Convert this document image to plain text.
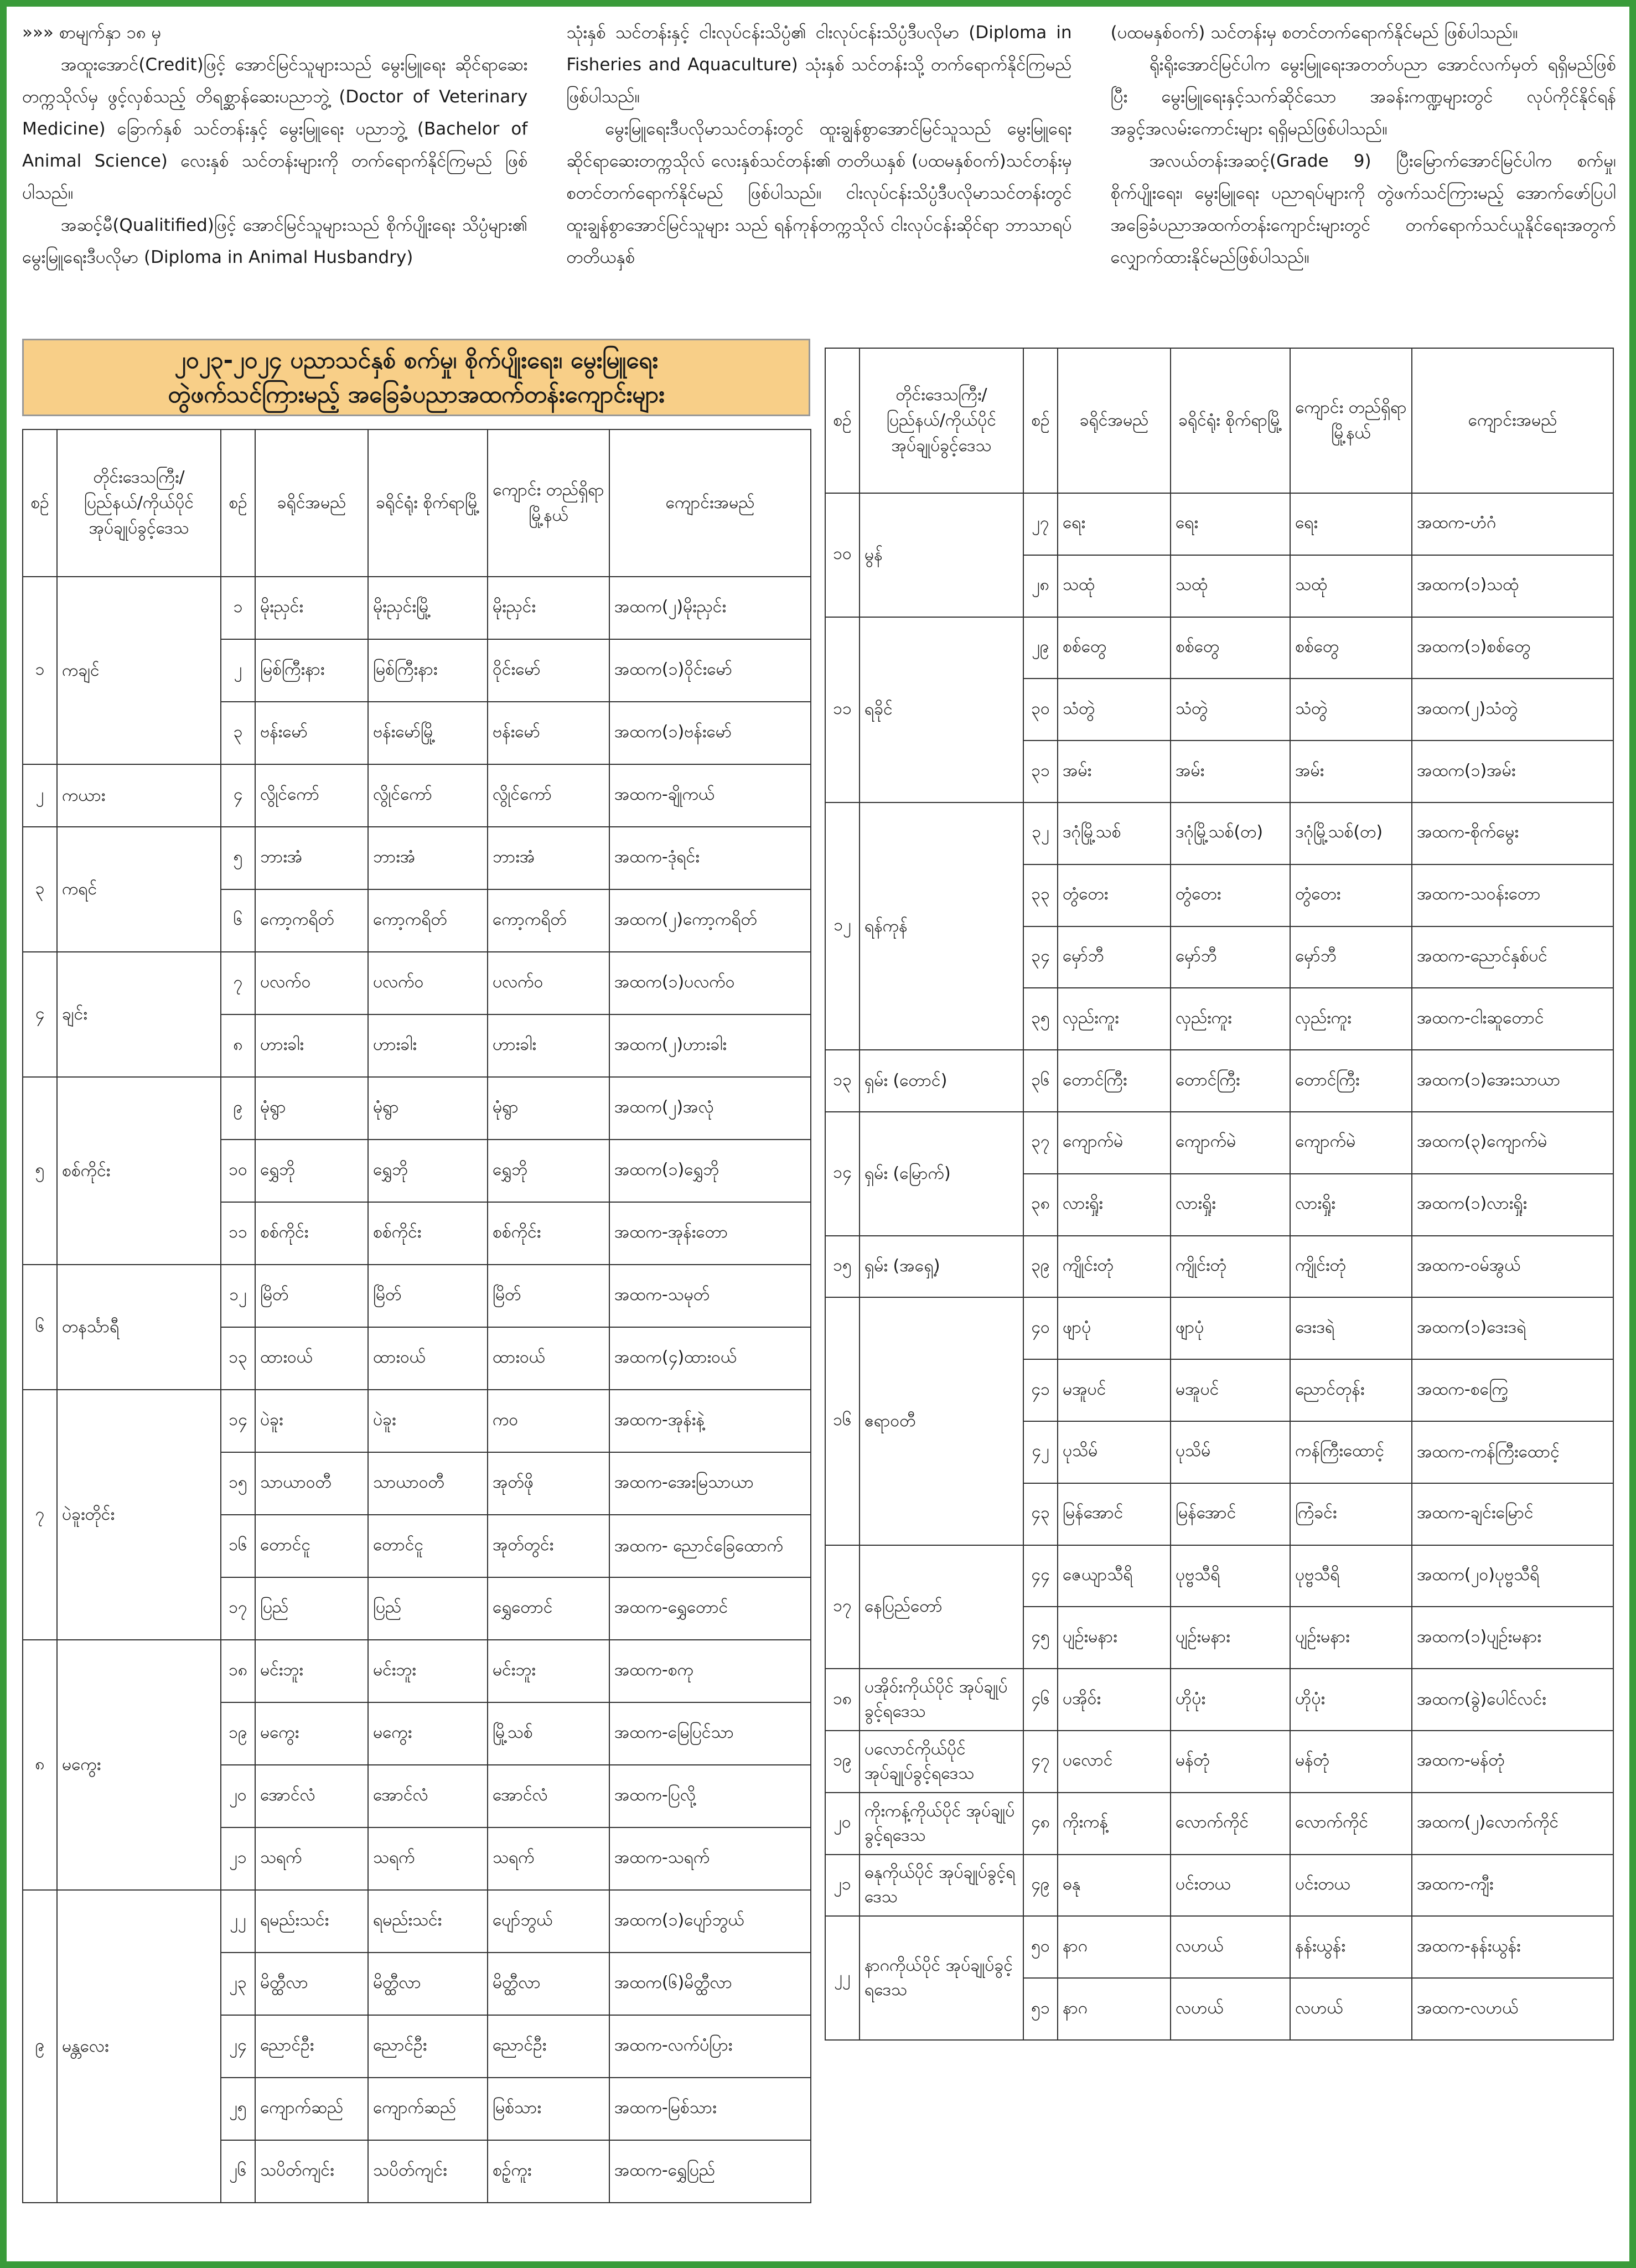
»»» စာမျက်နှာ ၁၈ မှ

အထူးအောင်(Credit)ဖြင့် အောင်မြင်သူများသည် မွေးမြူရေး ဆိုင်ရာဆေးတက္ကသိုလ်မှ ဖွင့်လှစ်သည့် တိရစ္ဆာန်ဆေးပညာဘွဲ့ (Doctor of Veterinary Medicine) ခြောက်နှစ် သင်တန်းနှင့် မွေးမြူရေး ပညာဘွဲ့ (Bachelor of Animal Science) လေးနှစ် သင်တန်းများကို တက်ရောက်နိုင်ကြမည် ဖြစ်ပါသည်။

အဆင့်မီ(Qualitified)ဖြင့် အောင်မြင်သူများသည် စိုက်ပျိုးရေး သိပ္ပံများ၏ မွေးမြူရေးဒီပလိုမာ (Diploma in Animal Husbandry)

သုံးနှစ် သင်တန်းနှင့် ငါးလုပ်ငန်းသိပ္ပံ၏ ငါးလုပ်ငန်းသိပ္ပံဒီပလိုမာ (Diploma in Fisheries and Aquaculture) သုံးနှစ် သင်တန်းသို့ တက်ရောက်နိုင်ကြမည် ဖြစ်ပါသည်။

မွေးမြူရေးဒီပလိုမာသင်တန်းတွင် ထူးချွန်စွာအောင်မြင်သူသည် မွေးမြူရေးဆိုင်ရာဆေးတက္ကသိုလ် လေးနှစ်သင်တန်း၏ တတိယနှစ် (ပထမနှစ်ဝက်)သင်တန်းမှ စတင်တက်ရောက်နိုင်မည် ဖြစ်ပါသည်။ ငါးလုပ်ငန်းသိပ္ပံဒီပလိုမာသင်တန်းတွင် ထူးချွန်စွာအောင်မြင်သူများ သည် ရန်ကုန်တက္ကသိုလ် ငါးလုပ်ငန်းဆိုင်ရာ ဘာသာရပ် တတိယနှစ်

(ပထမနှစ်ဝက်) သင်တန်းမှ စတင်တက်ရောက်နိုင်မည် ဖြစ်ပါသည်။

ရိုးရိုးအောင်မြင်ပါက မွေးမြူရေးအတတ်ပညာ အောင်လက်မှတ် ရရှိမည်ဖြစ်ပြီး မွေးမြူရေးနှင့်သက်ဆိုင်သော အခန်းကဏ္ဍများတွင် လုပ်ကိုင်နိုင်ရန် အခွင့်အလမ်းကောင်းများ ရရှိမည်ဖြစ်ပါသည်။

အလယ်တန်းအဆင့်(Grade 9) ပြီးမြောက်အောင်မြင်ပါက စက်မှု၊ စိုက်ပျိုးရေး၊ မွေးမြူရေး ပညာရပ်များကို တွဲဖက်သင်ကြားမည့် အောက်ဖော်ပြပါ အခြေခံပညာအထက်တန်းကျောင်းများတွင် တက်ရောက်သင်ယူနိုင်ရေးအတွက် လျှောက်ထားနိုင်မည်ဖြစ်ပါသည်။

၂၀၂၃-၂၀၂၄ ပညာသင်နှစ် စက်မှု၊ စိုက်ပျိုးရေး၊ မွေးမြူရေး
တွဲဖက်သင်ကြားမည့် အခြေခံပညာအထက်တန်းကျောင်းများ
စဉ်	တိုင်းဒေသကြီး/ ပြည်နယ်/ကိုယ်ပိုင် အုပ်ချုပ်ခွင့်ဒေသ	စဉ်	ခရိုင်အမည်	ခရိုင်ရုံး စိုက်ရာမြို့	ကျောင်း တည်ရှိရာ မြို့နယ်	ကျောင်းအမည်
၁	ကချင်	၁	မိုးညှင်း	မိုးညှင်းမြို့	မိုးညှင်း	အထက(၂)မိုးညှင်း
		၂	မြစ်ကြီးနား	မြစ်ကြီးနား	ဝိုင်းမော်	အထက(၁)ဝိုင်းမော်
		၃	ဗန်းမော်	ဗန်းမော်မြို့	ဗန်းမော်	အထက(၁)ဗန်းမော်
၂	ကယား	၄	လွိုင်ကော်	လွိုင်ကော်	လွိုင်ကော်	အထက-ချိုကယ်
၃	ကရင်	၅	ဘားအံ	ဘားအံ	ဘားအံ	အထက-ဒုံရင်း
		၆	ကော့ကရိတ်	ကော့ကရိတ်	ကော့ကရိတ်	အထက(၂)ကော့ကရိတ်
၄	ချင်း	၇	ပလက်ဝ	ပလက်ဝ	ပလက်ဝ	အထက(၁)ပလက်ဝ
		၈	ဟားခါး	ဟားခါး	ဟားခါး	အထက(၂)ဟားခါး
၅	စစ်ကိုင်း	၉	မုံရွာ	မုံရွာ	မုံရွာ	အထက(၂)အလုံ
		၁၀	ရွှေဘို	ရွှေဘို	ရွှေဘို	အထက(၁)ရွှေဘို
		၁၁	စစ်ကိုင်း	စစ်ကိုင်း	စစ်ကိုင်း	အထက-အုန်းတော
၆	တနင်္သာရီ	၁၂	မြိတ်	မြိတ်	မြိတ်	အထက-သမုတ်
		၁၃	ထားဝယ်	ထားဝယ်	ထားဝယ်	အထက(၄)ထားဝယ်
၇	ပဲခူးတိုင်း	၁၄	ပဲခူး	ပဲခူး	ကဝ	အထက-အုန်းနဲ့
		၁၅	သာယာဝတီ	သာယာဝတီ	အုတ်ဖို	အထက-အေးမြသာယာ
		၁၆	တောင်ငူ	တောင်ငူ	အုတ်တွင်း	အထက- ညောင်ခြေထောက်
		၁၇	ပြည်	ပြည်	ရွှေတောင်	အထက-ရွှေတောင်
၈	မကွေး	၁၈	မင်းဘူး	မင်းဘူး	မင်းဘူး	အထက-စကု
		၁၉	မကွေး	မကွေး	မြို့သစ်	အထက-မြေပြင်သာ
		၂၀	အောင်လံ	အောင်လံ	အောင်လံ	အထက-ပြလို့
		၂၁	သရက်	သရက်	သရက်	အထက-သရက်
၉	မန္တလေး	၂၂	ရမည်းသင်း	ရမည်းသင်း	ပျော်ဘွယ်	အထက(၁)ပျော်ဘွယ်
		၂၃	မိတ္ထီလာ	မိတ္ထီလာ	မိတ္ထီလာ	အထက(၆)မိတ္ထီလာ
		၂၄	ညောင်ဦး	ညောင်ဦး	ညောင်ဦး	အထက-လက်ပံပြား
		၂၅	ကျောက်ဆည်	ကျောက်ဆည်	မြစ်သား	အထက-မြစ်သား
		၂၆	သပိတ်ကျင်း	သပိတ်ကျင်း	စဉ့်ကူး	အထက-ရွှေပြည်
စဉ်	တိုင်းဒေသကြီး/ ပြည်နယ်/ကိုယ်ပိုင် အုပ်ချုပ်ခွင့်ဒေသ	စဉ်	ခရိုင်အမည်	ခရိုင်ရုံး စိုက်ရာမြို့	ကျောင်း တည်ရှိရာ မြို့နယ်	ကျောင်းအမည်
၁၀	မွန်	၂၇	ရေး	ရေး	ရေး	အထက-ဟံဂံ
		၂၈	သထုံ	သထုံ	သထုံ	အထက(၁)သထုံ
၁၁	ရခိုင်	၂၉	စစ်တွေ	စစ်တွေ	စစ်တွေ	အထက(၁)စစ်တွေ
		၃၀	သံတွဲ	သံတွဲ	သံတွဲ	အထက(၂)သံတွဲ
		၃၁	အမ်း	အမ်း	အမ်း	အထက(၁)အမ်း
၁၂	ရန်ကုန်	၃၂	ဒဂုံမြို့သစ်	ဒဂုံမြို့သစ်(တ)	ဒဂုံမြို့သစ်(တ)	အထက-စိုက်မွေး
		၃၃	တွံတေး	တွံတေး	တွံတေး	အထက-သဝန်းတော
		၃၄	မှော်ဘီ	မှော်ဘီ	မှော်ဘီ	အထက-ညောင်နှစ်ပင်
		၃၅	လှည်းကူး	လှည်းကူး	လှည်းကူး	အထက-ငါးဆူတောင်
၁၃	ရှမ်း (တောင်)	၃၆	တောင်ကြီး	တောင်ကြီး	တောင်ကြီး	အထက(၁)အေးသာယာ
၁၄	ရှမ်း (မြောက်)	၃၇	ကျောက်မဲ	ကျောက်မဲ	ကျောက်မဲ	အထက(၃)ကျောက်မဲ
		၃၈	လားရှိုး	လားရှိုး	လားရှိုး	အထက(၁)လားရှိုး
၁၅	ရှမ်း (အရှေ့)	၃၉	ကျိုင်းတုံ	ကျိုင်းတုံ	ကျိုင်းတုံ	အထက-ဝမ်အွယ်
၁၆	ဧရာဝတီ	၄၀	ဖျာပုံ	ဖျာပုံ	ဒေးဒရဲ	အထက(၁)ဒေးဒရဲ
		၄၁	မအူပင်	မအူပင်	ညောင်တုန်း	အထက-စကြေ့
		၄၂	ပုသိမ်	ပုသိမ်	ကန်ကြီးထောင့်	အထက-ကန်ကြီးထောင့်
		၄၃	မြန်အောင်	မြန်အောင်	ကြံခင်း	အထက-ချင်းမြောင်
၁၇	နေပြည်တော်	၄၄	ဇေယျာသီရိ	ပုဗ္ဗသီရိ	ပုဗ္ဗသီရိ	အထက(၂၀)ပုဗ္ဗသီရိ
		၄၅	ပျဉ်းမနား	ပျဉ်းမနား	ပျဉ်းမနား	အထက(၁)ပျဉ်းမနား
၁၈	ပအိုဝ်းကိုယ်ပိုင် အုပ်ချုပ်ခွင့်ရဒေသ	၄၆	ပအိုဝ်း	ဟိုပုံး	ဟိုပုံး	အထက(ခွဲ)ပေါင်လင်း
၁၉	ပလောင်ကိုယ်ပိုင် အုပ်ချုပ်ခွင့်ရဒေသ	၄၇	ပလောင်	မန်တုံ	မန်တုံ	အထက-မန်တုံ
၂၀	ကိုးကန့်ကိုယ်ပိုင် အုပ်ချုပ်ခွင့်ရဒေသ	၄၈	ကိုးကန့်	လောက်ကိုင်	လောက်ကိုင်	အထက(၂)လောက်ကိုင်
၂၁	ဓနုကိုယ်ပိုင် အုပ်ချုပ်ခွင့်ရဒေသ	၄၉	ဓနု	ပင်းတယ	ပင်းတယ	အထက-ကျီး
၂၂	နာဂကိုယ်ပိုင် အုပ်ချုပ်ခွင့်ရဒေသ	၅၀	နာဂ	လဟယ်	နန်းယွန်း	အထက-နန်းယွန်း
		၅၁	နာဂ	လဟယ်	လဟယ်	အထက-လဟယ်
